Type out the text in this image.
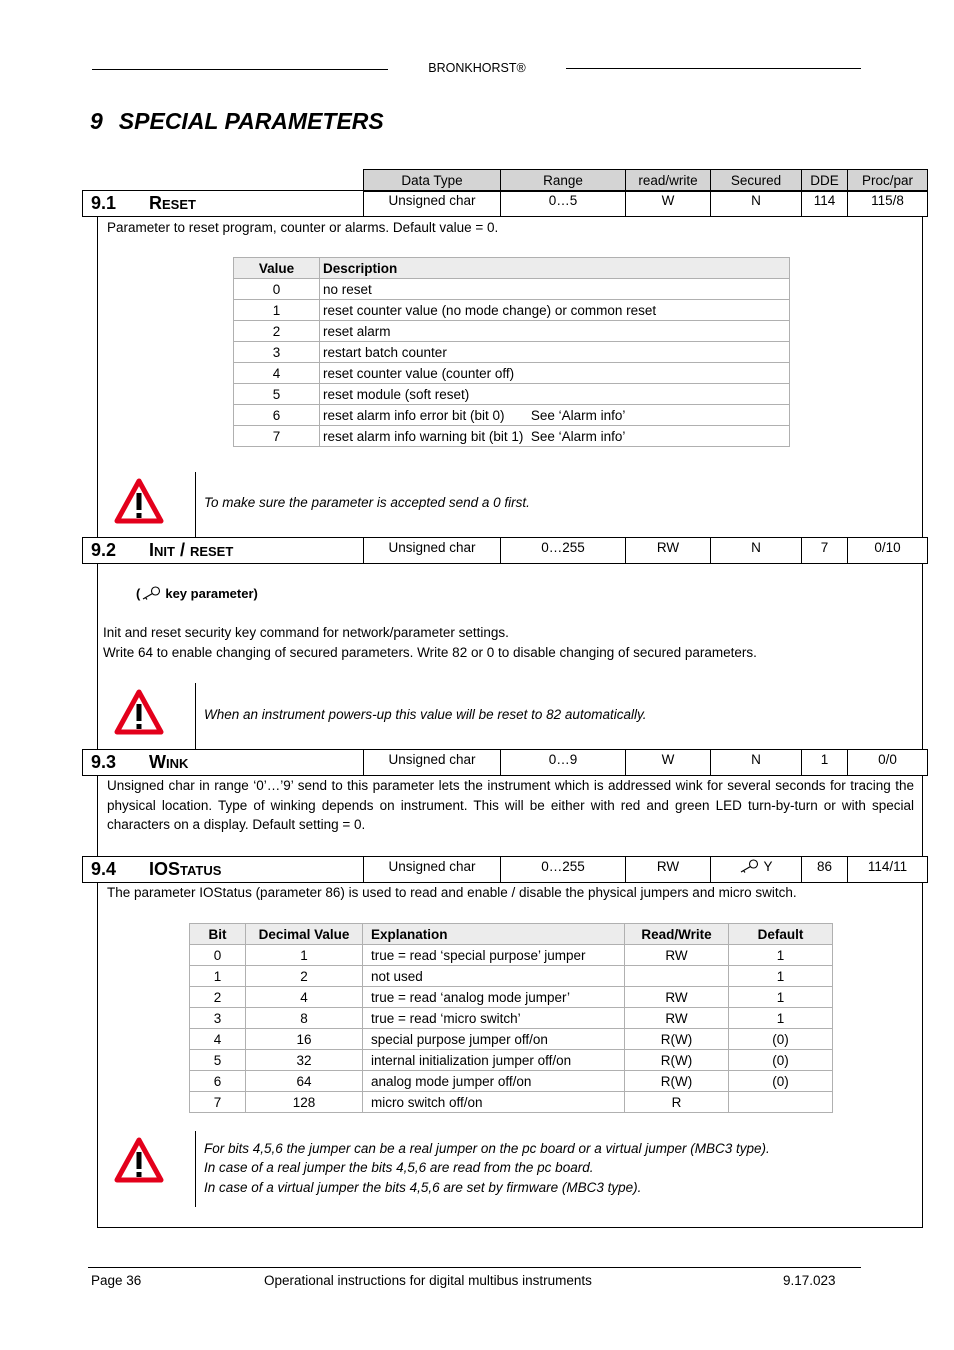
BRONKHORST®
9 SPECIAL PARAMETERS
Data Type	Range	read/write	Secured	DDE	Proc/par
9.1 Reset	Unsigned char	0…5	W	N	114	115/8
Parameter to reset program, counter or alarms. Default value = 0.
Value	Description
0	no reset
1	reset counter value (no mode change) or common reset
2	reset alarm
3	restart batch counter
4	reset counter value (counter off)
5	reset module (soft reset)
6	reset alarm info error bit (bit 0)       See ‘Alarm info’
7	reset alarm info warning bit (bit 1)  See ‘Alarm info’
To make sure the parameter is accepted send a 0 first.
9.2 Init / reset	Unsigned char	0…255	RW	N	7	0/10
( key parameter)
Init and reset security key command for network/parameter settings.
Write 64 to enable changing of secured parameters. Write 82 or 0 to disable changing of secured parameters.
When an instrument powers-up this value will be reset to 82 automatically.
9.3 Wink	Unsigned char	0…9	W	N	1	0/0
Unsigned char in range ‘0’…’9’ send to this parameter lets the instrument which is addressed wink for several seconds for tracing the physical location. Type of winking depends on instrument. This will be either with red and green LED turn-by-turn or with special characters on a display. Default setting = 0.
9.4 IOStatus	Unsigned char	0…255	RW	Y	86	114/11
The parameter IOStatus (parameter 86) is used to read and enable / disable the physical jumpers and micro switch.
Bit	Decimal Value	Explanation	Read/Write	Default
0	1	true = read ‘special purpose’ jumper	RW	1
1	2	not used		1
2	4	true = read ‘analog mode jumper’	RW	1
3	8	true = read ‘micro switch’	RW	1
4	16	special purpose jumper off/on	R(W)	(0)
5	32	internal initialization jumper off/on	R(W)	(0)
6	64	analog mode jumper off/on	R(W)	(0)
7	128	micro switch off/on	R	
For bits 4,5,6 the jumper can be a real jumper on the pc board or a virtual jumper (MBC3 type).
In case of a real jumper the bits 4,5,6 are read from the pc board.
In case of a virtual jumper the bits 4,5,6 are set by firmware (MBC3 type).
Page 36	Operational instructions for digital multibus instruments	9.17.023
